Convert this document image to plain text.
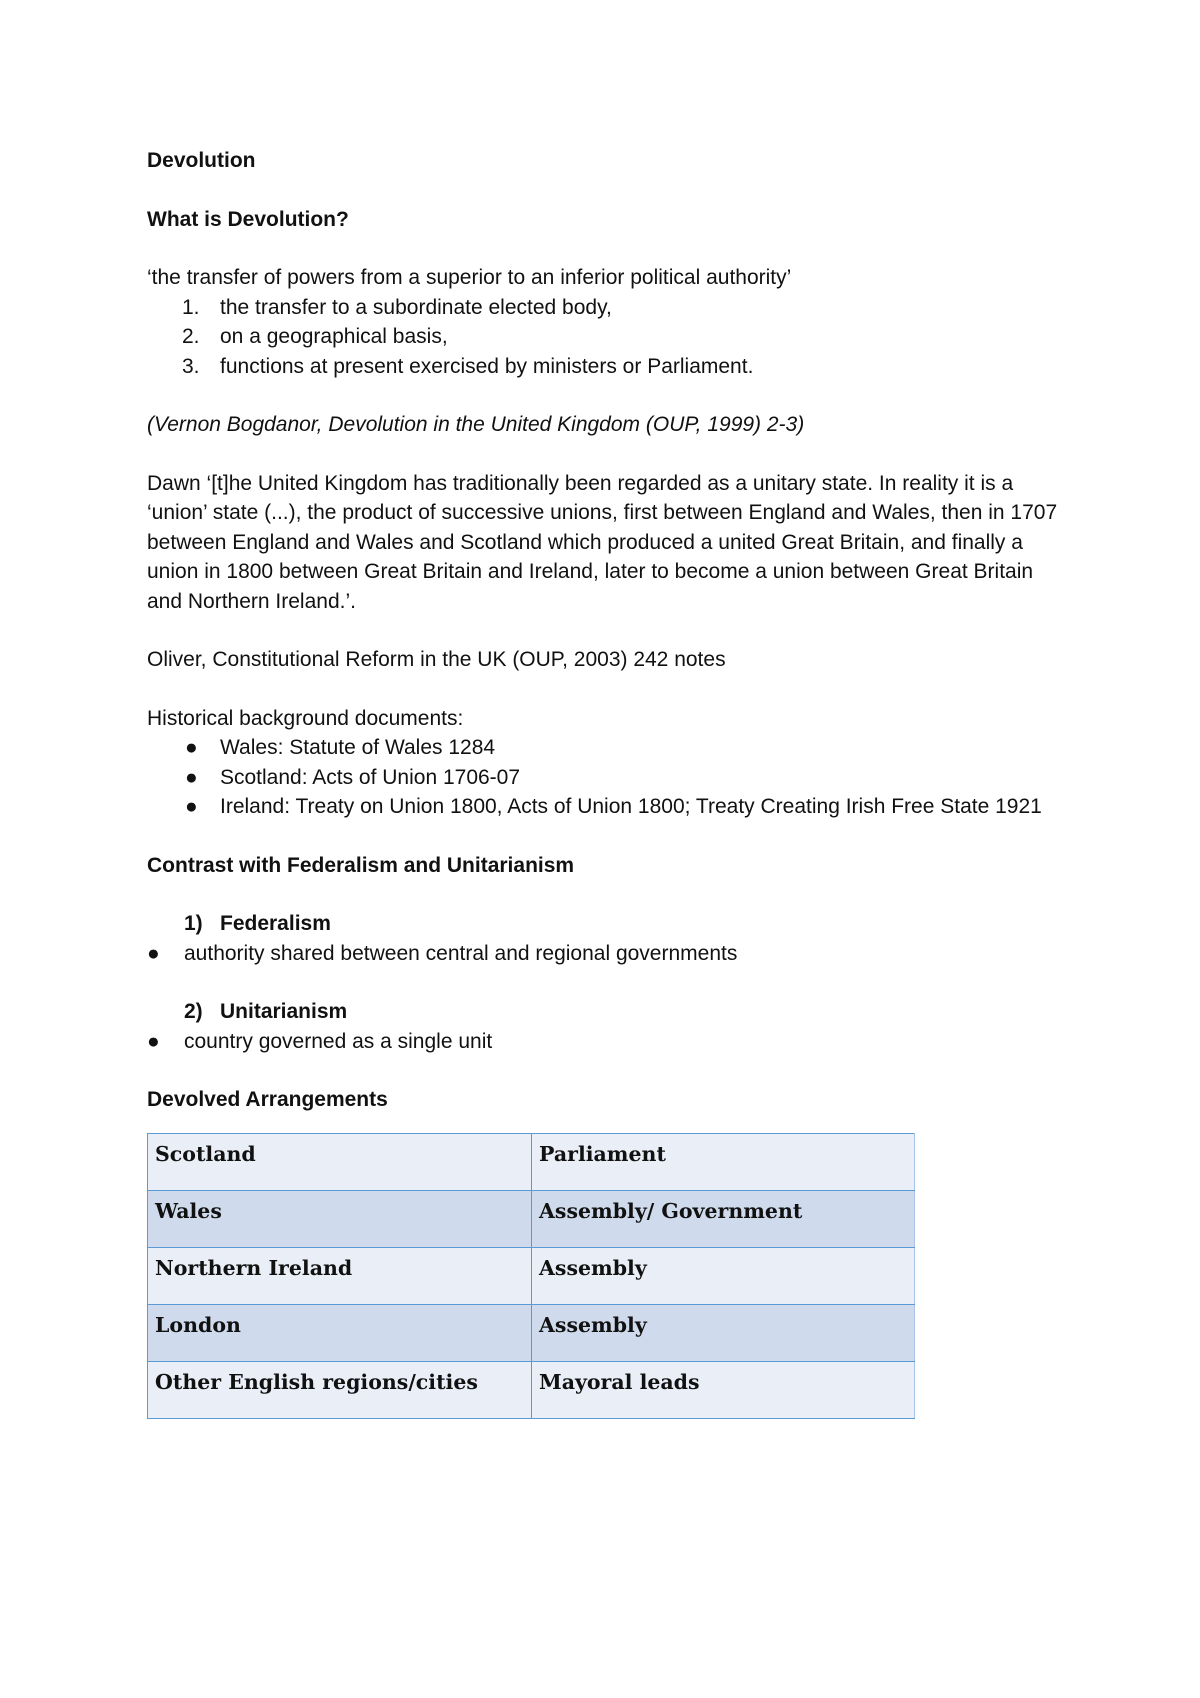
Devolution

What is Devolution?

‘the transfer of powers from a superior to an inferior political authority’

1. the transfer to a subordinate elected body,
2. on a geographical basis,
3. functions at present exercised by ministers or Parliament.

(Vernon Bogdanor, Devolution in the United Kingdom (OUP, 1999) 2-3)

Dawn ‘[t]he United Kingdom has traditionally been regarded as a unitary state. In reality it is a ‘union’ state (...), the product of successive unions, first between England and Wales, then in 1707 between England and Wales and Scotland which produced a united Great Britain, and finally a union in 1800 between Great Britain and Ireland, later to become a union between Great Britain and Northern Ireland.’.

Oliver, Constitutional Reform in the UK (OUP, 2003) 242 notes

Historical background documents:

● Wales: Statute of Wales 1284
● Scotland: Acts of Union 1706-07
● Ireland: Treaty on Union 1800, Acts of Union 1800; Treaty Creating Irish Free State 1921

Contrast with Federalism and Unitarianism

1) Federalism
● authority shared between central and regional governments
2) Unitarianism
● country governed as a single unit

Devolved Arrangements

Scotland	Parliament
Wales	Assembly/ Government
Northern Ireland	Assembly
London	Assembly
Other English regions/cities	Mayoral leads
